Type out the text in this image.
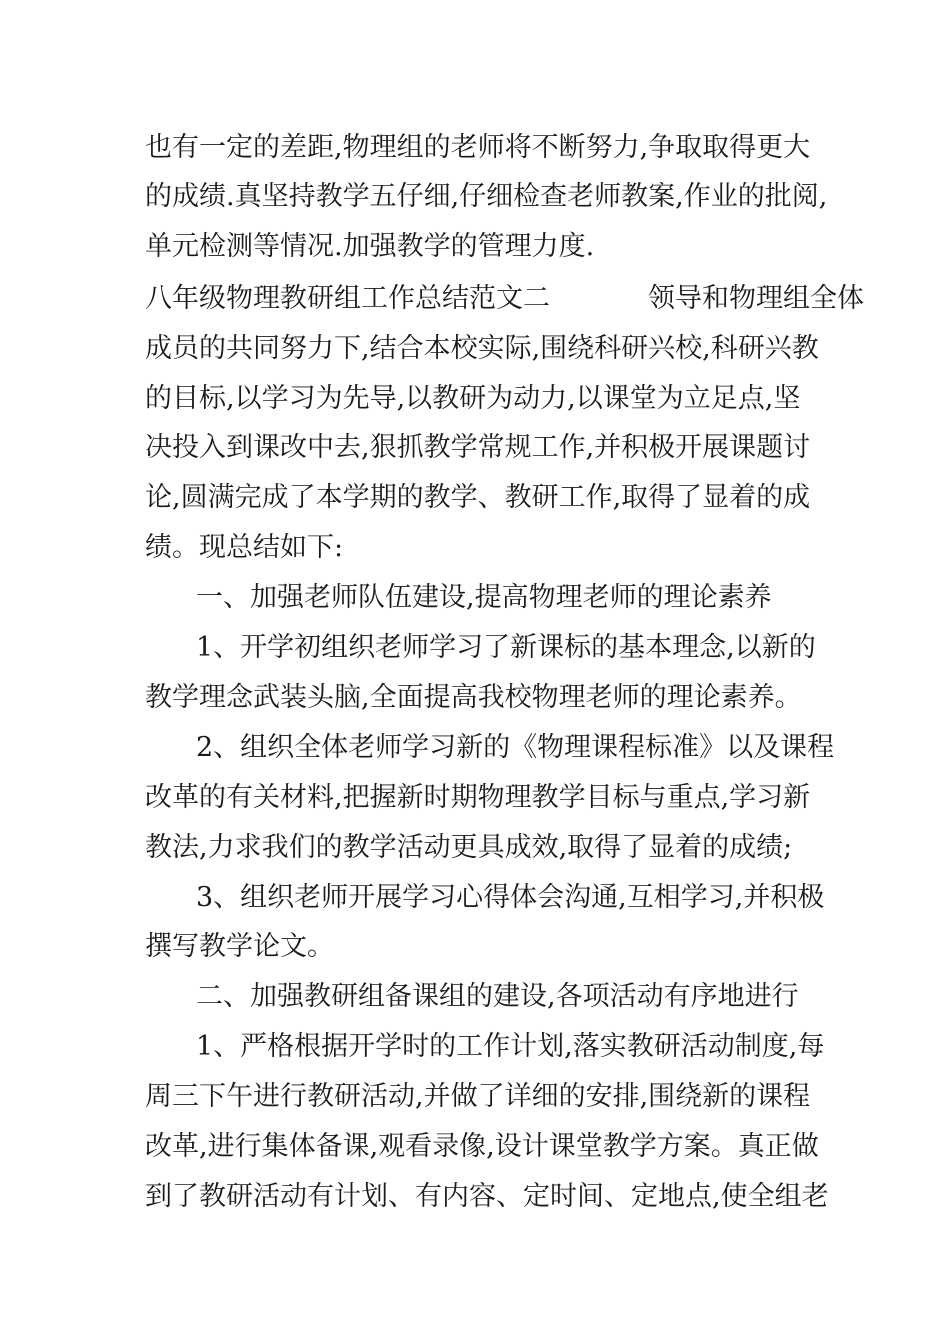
也有一定的差距,物理组的老师将不断努力,争取取得更大

的成绩.真坚持教学五仔细,仔细检查老师教案,作业的批阅,

单元检测等情况.加强教学的管理力度.

八年级物理教研组工作总结范文二	领导和物理组全体

成员的共同努力下,结合本校实际,围绕科研兴校,科研兴教

的目标,以学习为先导,以教研为动力,以课堂为立足点,坚

决投入到课改中去,狠抓教学常规工作,并积极开展课题讨

论,圆满完成了本学期的教学、教研工作,取得了显着的成

绩。现总结如下:

一、加强老师队伍建设,提高物理老师的理论素养

1、开学初组织老师学习了新课标的基本理念,以新的

教学理念武装头脑,全面提高我校物理老师的理论素养。

2、组织全体老师学习新的《物理课程标准》以及课程

改革的有关材料,把握新时期物理教学目标与重点,学习新

教法,力求我们的教学活动更具成效,取得了显着的成绩;

3、组织老师开展学习心得体会沟通,互相学习,并积极

撰写教学论文。

二、加强教研组备课组的建设,各项活动有序地进行

1、严格根据开学时的工作计划,落实教研活动制度,每

周三下午进行教研活动,并做了详细的安排,围绕新的课程

改革,进行集体备课,观看录像,设计课堂教学方案。真正做

到了教研活动有计划、有内容、定时间、定地点,使全组老
